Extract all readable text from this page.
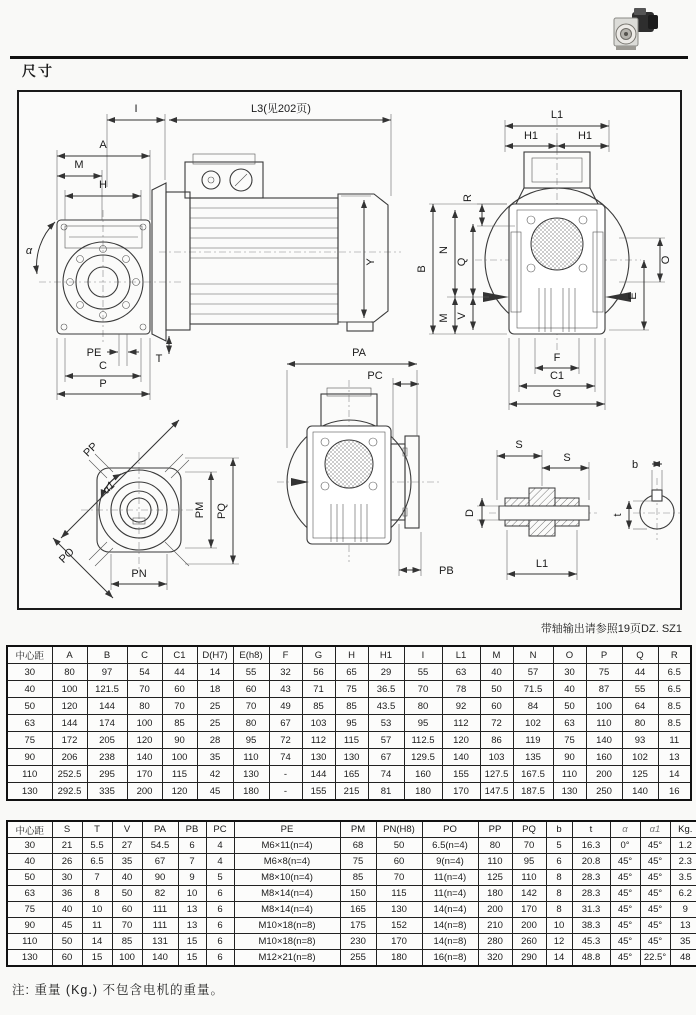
尺寸
I	L3(见202页)
A
M
H
α
Y
T
PE
C
P
L1
H1	H1
R
B
N
M
Q
V
O
E
F
C1
G
PP
α1
PO
PN
PM PQ
PA
PC
PB
S
S
D
L1
b
t
带轴输出请参照19页DZ. SZ1
中心距	A	B	C	C1	D(H7)	E(h8)	F	G	H	H1	I	L1	M	N	O	P	Q	R
30	80	97	54	44	14	55	32	56	65	29	55	63	40	57	30	75	44	6.5
40	100	121.5	70	60	18	60	43	71	75	36.5	70	78	50	71.5	40	87	55	6.5
50	120	144	80	70	25	70	49	85	85	43.5	80	92	60	84	50	100	64	8.5
63	144	174	100	85	25	80	67	103	95	53	95	112	72	102	63	110	80	8.5
75	172	205	120	90	28	95	72	112	115	57	112.5	120	86	119	75	140	93	11
90	206	238	140	100	35	110	74	130	130	67	129.5	140	103	135	90	160	102	13
110	252.5	295	170	115	42	130	-	144	165	74	160	155	127.5	167.5	110	200	125	14
130	292.5	335	200	120	45	180	-	155	215	81	180	170	147.5	187.5	130	250	140	16
中心距	S	T	V	PA	PB	PC	PE	PM	PN(H8)	PO	PP	PQ	b	t	α	α1	Kg.
30	21	5.5	27	54.5	6	4	M6×11(n=4)	68	50	6.5(n=4)	80	70	5	16.3	0°	45°	1.2
40	26	6.5	35	67	7	4	M6×8(n=4)	75	60	9(n=4)	110	95	6	20.8	45°	45°	2.3
50	30	7	40	90	9	5	M8×10(n=4)	85	70	11(n=4)	125	110	8	28.3	45°	45°	3.5
63	36	8	50	82	10	6	M8×14(n=4)	150	115	11(n=4)	180	142	8	28.3	45°	45°	6.2
75	40	10	60	111	13	6	M8×14(n=4)	165	130	14(n=4)	200	170	8	31.3	45°	45°	9
90	45	11	70	111	13	6	M10×18(n=8)	175	152	14(n=8)	210	200	10	38.3	45°	45°	13
110	50	14	85	131	15	6	M10×18(n=8)	230	170	14(n=8)	280	260	12	45.3	45°	45°	35
130	60	15	100	140	15	6	M12×21(n=8)	255	180	16(n=8)	320	290	14	48.8	45°	22.5°	48
注: 重量 (Kg.) 不包含电机的重量。
